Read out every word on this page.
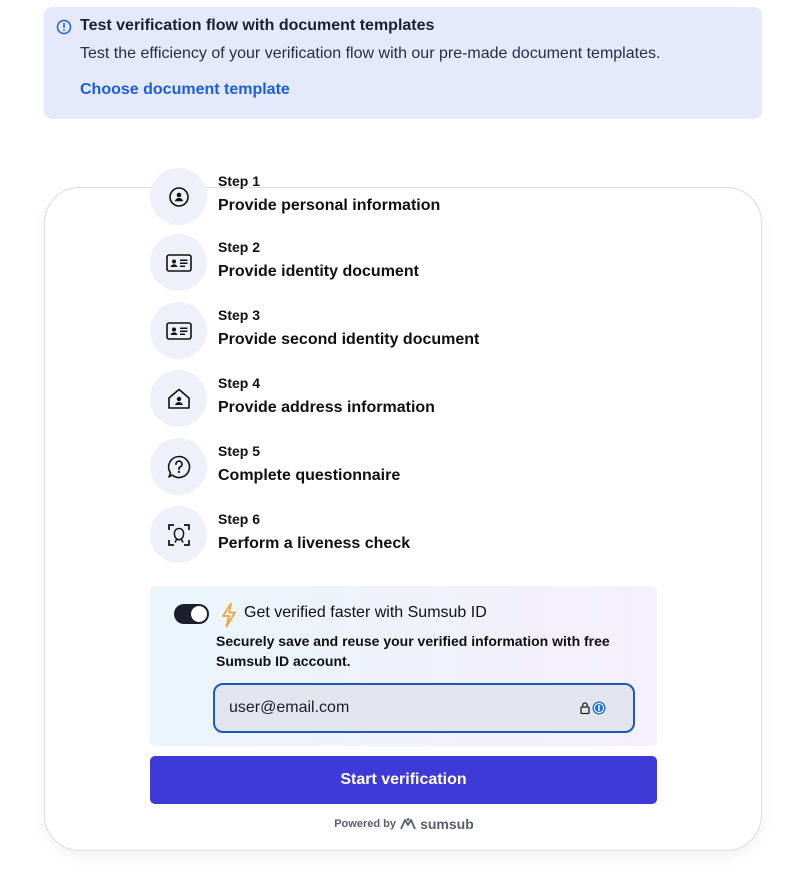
Test verification flow with document templates
Test the efficiency of your verification flow with our pre-made document templates.
Choose document template
Step 1
Provide personal information
Step 2
Provide identity document
Step 3
Provide second identity document
Step 4
Provide address information
Step 5
Complete questionnaire
Step 6
Perform a liveness check
Get verified faster with Sumsub ID
Securely save and reuse your verified information with free Sumsub ID account.
user@email.com
Start verification
Powered by sumsub
